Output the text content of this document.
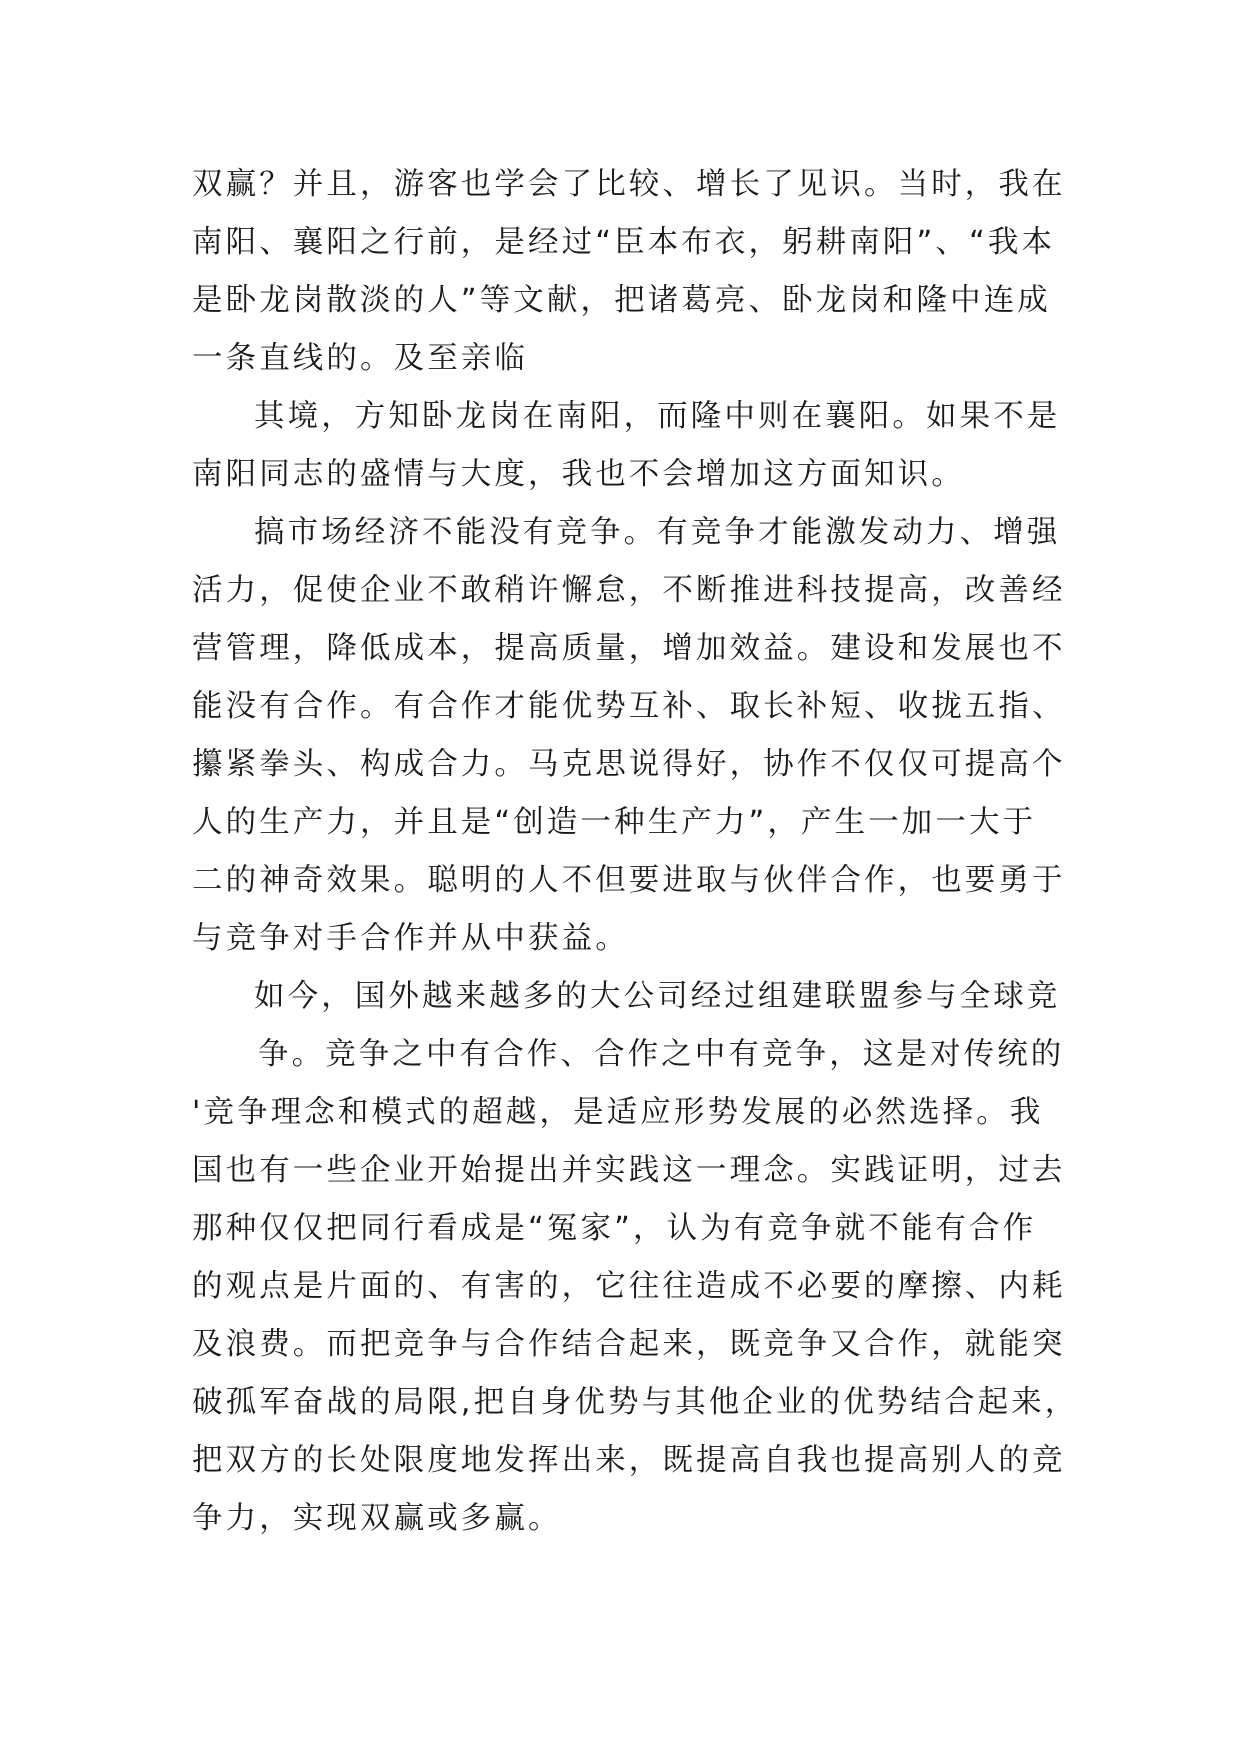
双赢？并且，游客也学会了比较、增长了见识。当时，我在
南阳、襄阳之行前，是经过“臣本布衣，躬耕南阳”、“我本
是卧龙岗散淡的人”等文献，把诸葛亮、卧龙岗和隆中连成
一条直线的。及至亲临
其境，方知卧龙岗在南阳，而隆中则在襄阳。如果不是
南阳同志的盛情与大度，我也不会增加这方面知识。
搞市场经济不能没有竞争。有竞争才能激发动力、增强
活力，促使企业不敢稍许懈怠，不断推进科技提高，改善经
营管理，降低成本，提高质量，增加效益。建设和发展也不
能没有合作。有合作才能优势互补、取长补短、收拢五指、
攥紧拳头、构成合力。马克思说得好，协作不仅仅可提高个
人的生产力，并且是“创造一种生产力”，产生一加一大于
二的神奇效果。聪明的人不但要进取与伙伴合作，也要勇于
与竞争对手合作并从中获益。
如今，国外越来越多的大公司经过组建联盟参与全球竞
争。竞争之中有合作、合作之中有竞争，这是对传统的
'竞争理念和模式的超越，是适应形势发展的必然选择。我
国也有一些企业开始提出并实践这一理念。实践证明，过去
那种仅仅把同行看成是“冤家”，认为有竞争就不能有合作
的观点是片面的、有害的，它往往造成不必要的摩擦、内耗
及浪费。而把竞争与合作结合起来，既竞争又合作，就能突
破孤军奋战的局限,把自身优势与其他企业的优势结合起来，
把双方的长处限度地发挥出来，既提高自我也提高别人的竞
争力，实现双赢或多赢。
